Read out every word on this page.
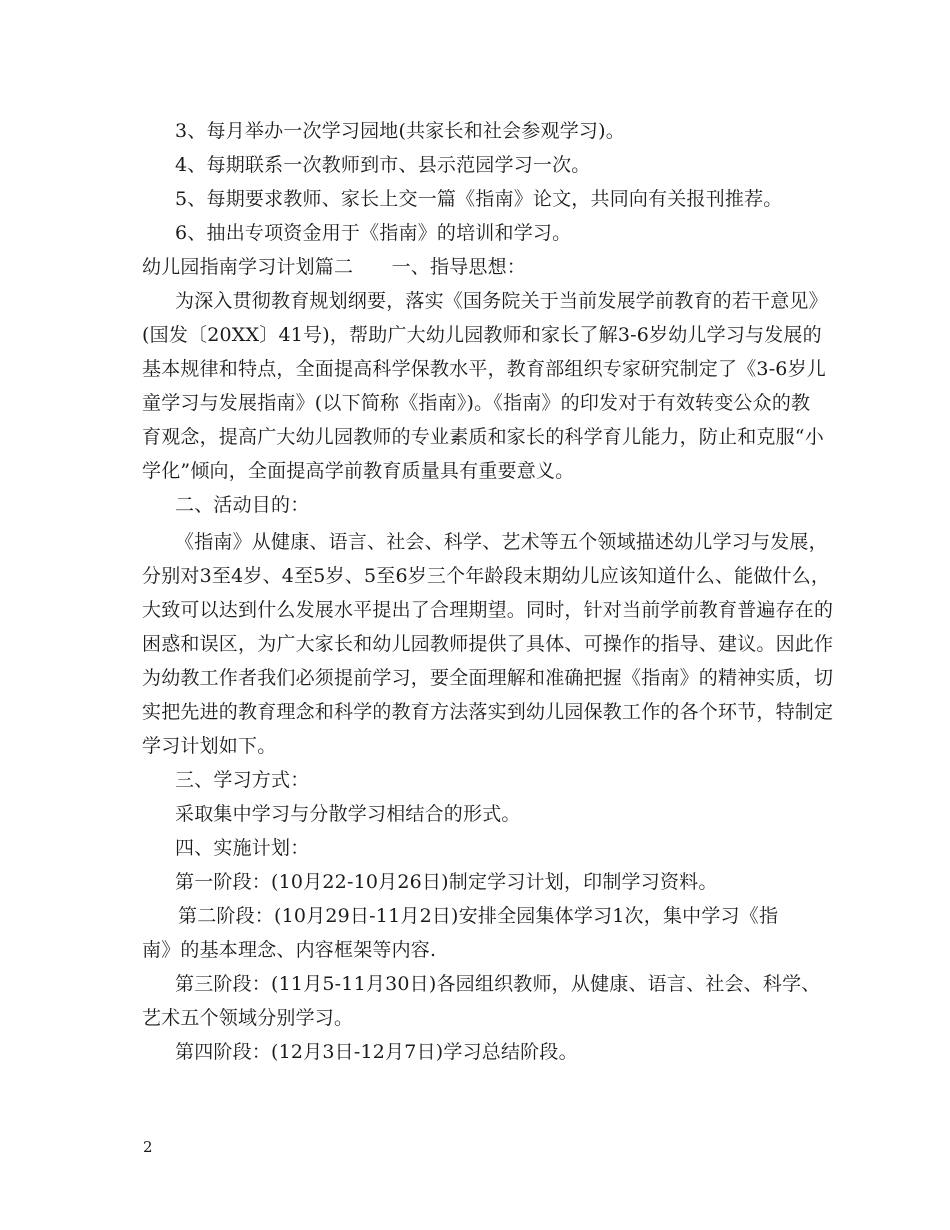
3、每月举办一次学习园地(共家长和社会参观学习)。
4、每期联系一次教师到市、县示范园学习一次。
5、每期要求教师、家长上交一篇《指南》论文，共同向有关报刊推荐。
6、抽出专项资金用于《指南》的培训和学习。
幼儿园指南学习计划篇二　　一、指导思想：
为深入贯彻教育规划纲要，落实《国务院关于当前发展学前教育的若干意见》
(国发〔20XX〕41号)，帮助广大幼儿园教师和家长了解3-6岁幼儿学习与发展的
基本规律和特点，全面提高科学保教水平，教育部组织专家研究制定了《3-6岁儿
童学习与发展指南》(以下简称《指南》)。《指南》的印发对于有效转变公众的教
育观念，提高广大幼儿园教师的专业素质和家长的科学育儿能力，防止和克服“小
学化”倾向，全面提高学前教育质量具有重要意义。
二、活动目的：
《指南》从健康、语言、社会、科学、艺术等五个领域描述幼儿学习与发展，
分别对3至4岁、4至5岁、5至6岁三个年龄段末期幼儿应该知道什么、能做什么，
大致可以达到什么发展水平提出了合理期望。同时，针对当前学前教育普遍存在的
困惑和误区，为广大家长和幼儿园教师提供了具体、可操作的指导、建议。因此作
为幼教工作者我们必须提前学习，要全面理解和准确把握《指南》的精神实质，切
实把先进的教育理念和科学的教育方法落实到幼儿园保教工作的各个环节，特制定
学习计划如下。
三、学习方式：
采取集中学习与分散学习相结合的形式。
四、实施计划：
第一阶段：(10月22-10月26日)制定学习计划，印制学习资料。
第二阶段：(10月29日-11月2日)安排全园集体学习1次，集中学习《指
南》的基本理念、内容框架等内容.
第三阶段：(11月5-11月30日)各园组织教师，从健康、语言、社会、科学、
艺术五个领域分别学习。
第四阶段：(12月3日-12月7日)学习总结阶段。
2
